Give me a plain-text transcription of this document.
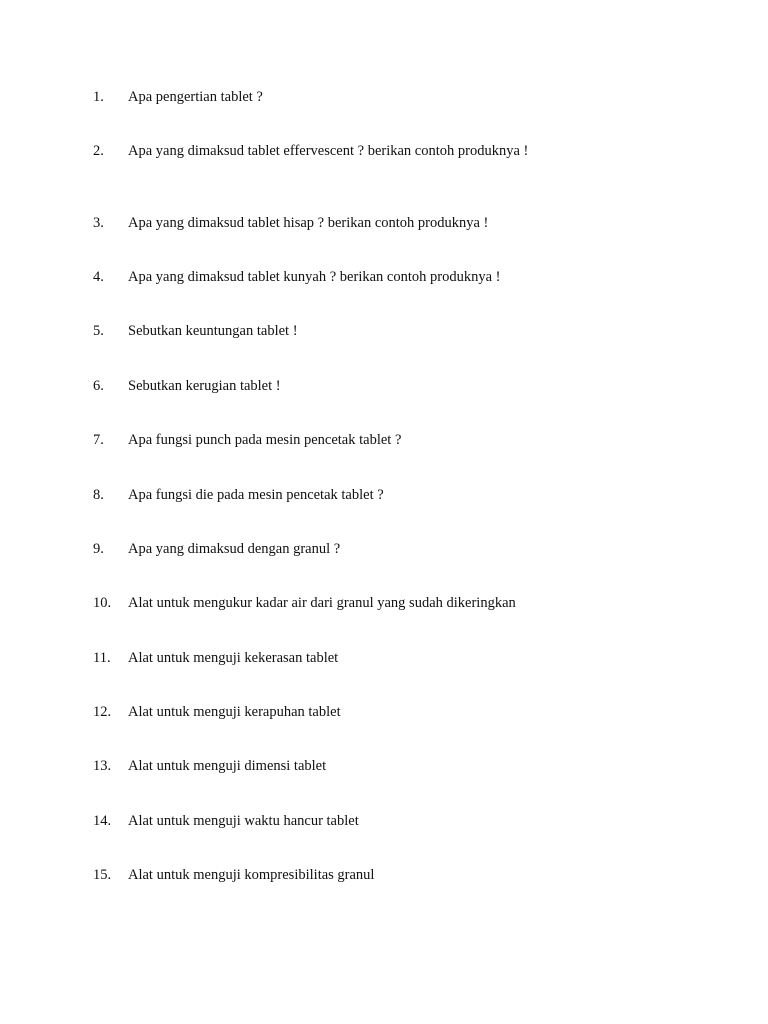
1.	Apa pengertian tablet ?
2.	Apa yang dimaksud tablet effervescent ? berikan contoh produknya !
3.	Apa yang dimaksud tablet hisap ? berikan contoh produknya !
4.	Apa yang dimaksud tablet kunyah ? berikan contoh produknya !
5.	Sebutkan keuntungan tablet !
6.	Sebutkan kerugian tablet !
7.	Apa fungsi punch pada mesin pencetak tablet ?
8.	Apa fungsi die pada mesin pencetak tablet ?
9.	Apa yang dimaksud dengan granul ?
10.	Alat untuk mengukur kadar air dari granul yang sudah dikeringkan
11.	Alat untuk menguji kekerasan tablet
12.	Alat untuk menguji kerapuhan tablet
13.	Alat untuk menguji dimensi tablet
14.	Alat untuk menguji waktu hancur tablet
15.	Alat untuk menguji kompresibilitas granul
